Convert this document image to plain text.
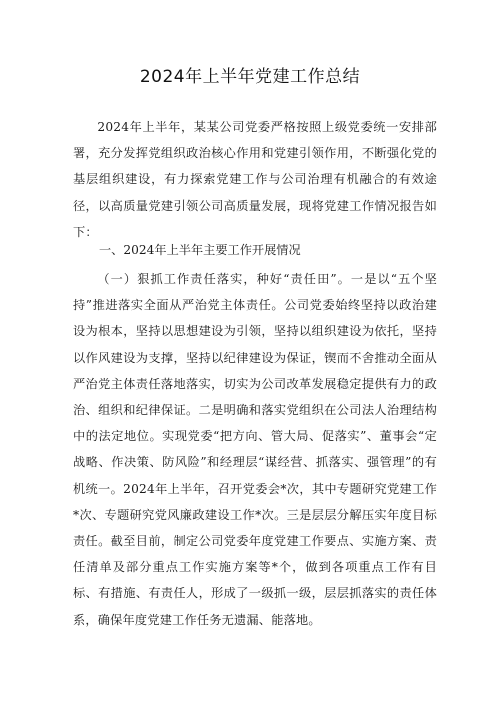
2024年上半年党建工作总结

2024年上半年，某某公司党委严格按照上级党委统一安排部署，充分发挥党组织政治核心作用和党建引领作用，不断强化党的基层组织建设，有力探索党建工作与公司治理有机融合的有效途径，以高质量党建引领公司高质量发展，现将党建工作情况报告如下：

一、2024年上半年主要工作开展情况

（一）狠抓工作责任落实，种好“责任田”。一是以“五个坚持”推进落实全面从严治党主体责任。公司党委始终坚持以政治建设为根本，坚持以思想建设为引领，坚持以组织建设为依托，坚持以作风建设为支撑，坚持以纪律建设为保证，锲而不舍推动全面从严治党主体责任落地落实，切实为公司改革发展稳定提供有力的政治、组织和纪律保证。二是明确和落实党组织在公司法人治理结构中的法定地位。实现党委“把方向、管大局、促落实”、董事会“定战略、作决策、防风险”和经理层“谋经营、抓落实、强管理”的有机统一。2024年上半年，召开党委会*次，其中专题研究党建工作*次、专题研究党风廉政建设工作*次。三是层层分解压实年度目标责任。截至目前，制定公司党委年度党建工作要点、实施方案、责任清单及部分重点工作实施方案等*个，做到各项重点工作有目标、有措施、有责任人，形成了一级抓一级，层层抓落实的责任体系，确保年度党建工作任务无遗漏、能落地。
